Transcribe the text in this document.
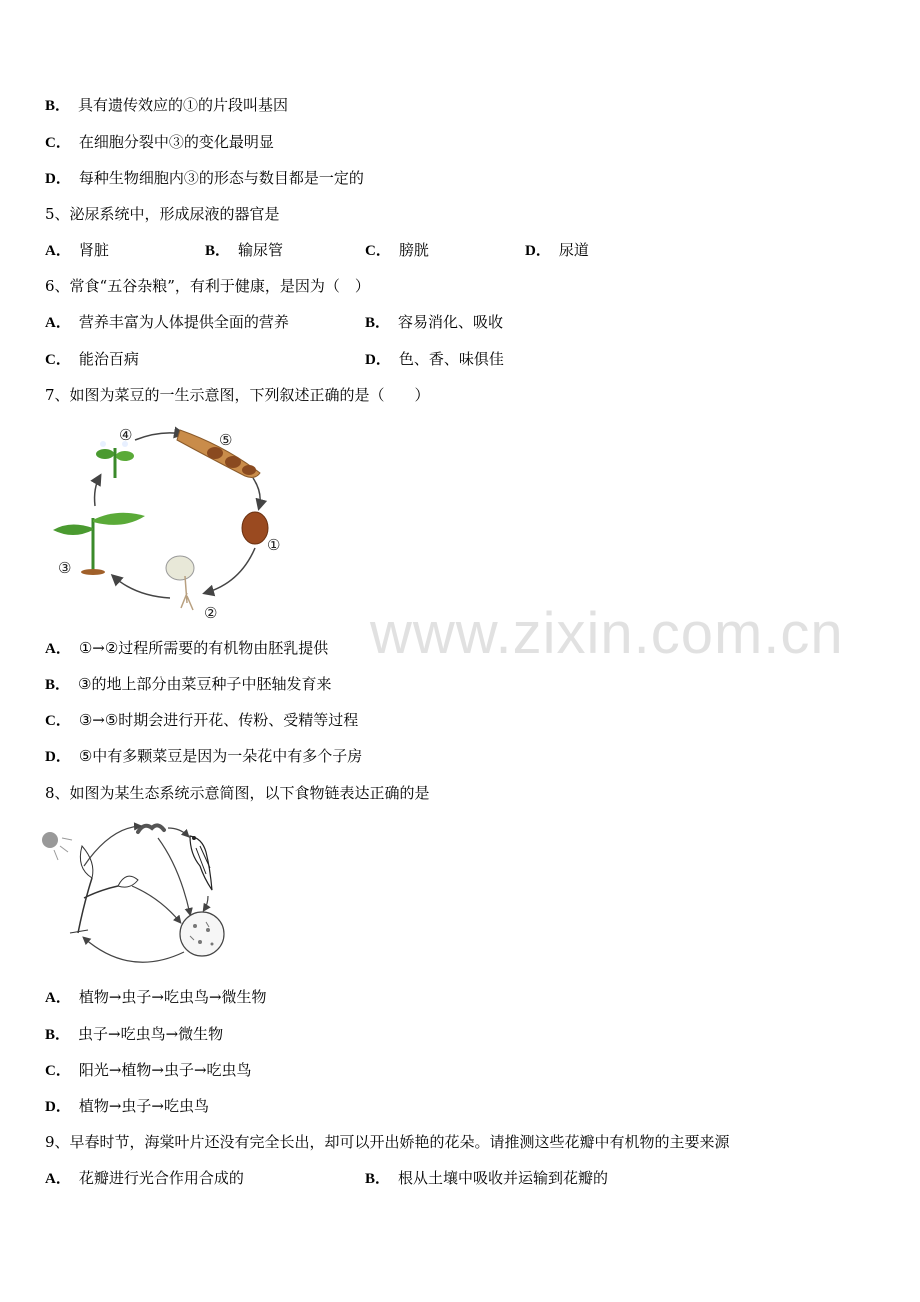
B． 具有遗传效应的①的片段叫基因
C． 在细胞分裂中③的变化最明显
D． 每种生物细胞内③的形态与数目都是一定的
5、泌尿系统中，形成尿液的器官是
A． 肾脏	B． 输尿管	C． 膀胱	D． 尿道
6、常食“五谷杂粮”，有利于健康，是因为（　）
A． 营养丰富为人体提供全面的营养	B． 容易消化、吸收
C． 能治百病	D． 色、香、味俱佳
7、如图为菜豆的一生示意图，下列叙述正确的是（　　）
④	⑤
①
②
③
A． ①→②过程所需要的有机物由胚乳提供
B． ③的地上部分由菜豆种子中胚轴发育来
C． ③→⑤时期会进行开花、传粉、受精等过程
D． ⑤中有多颗菜豆是因为一朵花中有多个子房
8、如图为某生态系统示意简图，以下食物链表达正确的是
A． 植物→虫子→吃虫鸟→微生物
B． 虫子→吃虫鸟→微生物
C． 阳光→植物→虫子→吃虫鸟
D． 植物→虫子→吃虫鸟
9、早春时节，海棠叶片还没有完全长出，却可以开出娇艳的花朵。请推测这些花瓣中有机物的主要来源
A． 花瓣进行光合作用合成的	B． 根从土壤中吸收并运输到花瓣的
www.zixin.com.cn
